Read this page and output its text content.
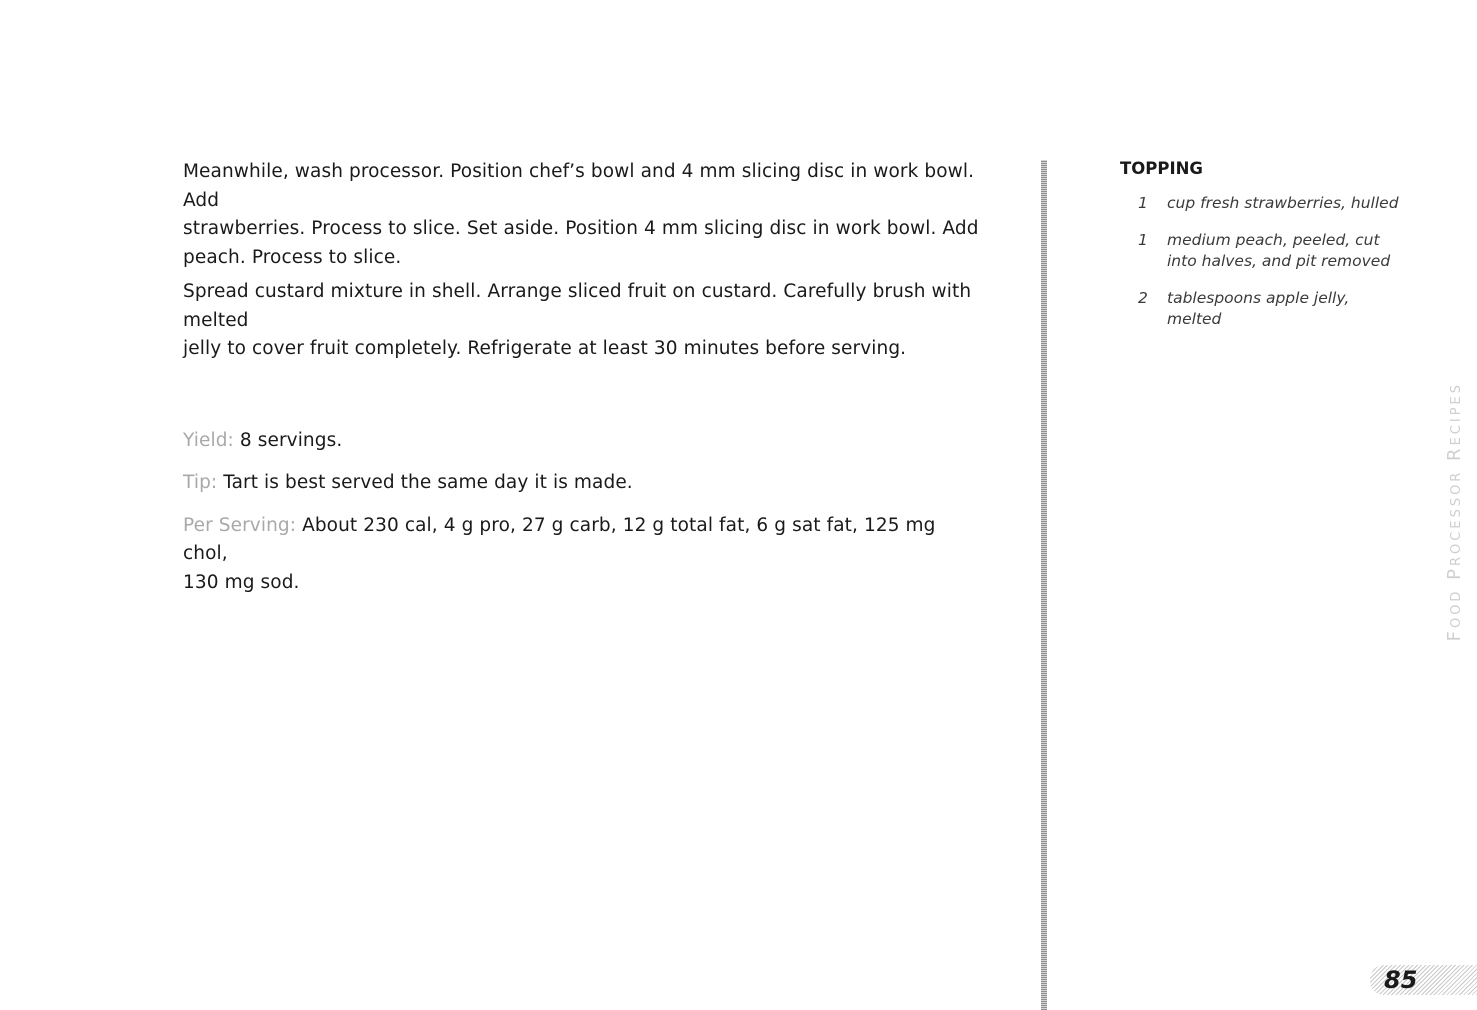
Meanwhile, wash processor. Position chef’s bowl and 4 mm slicing disc in work bowl. Add
strawberries. Process to slice. Set aside. Position 4 mm slicing disc in work bowl. Add
peach. Process to slice.

Spread custard mixture in shell. Arrange sliced fruit on custard. Carefully brush with melted
jelly to cover fruit completely. Refrigerate at least 30 minutes before serving.

Yield: 8 servings.

Tip: Tart is best served the same day it is made.

Per Serving: About 230 cal, 4 g pro, 27 g carb, 12 g total fat, 6 g sat fat, 125 mg chol,
130 mg sod.

TOPPING
1	cup fresh strawberries, hulled
1	medium peach, peeled, cut
into halves, and pit removed
2	tablespoons apple jelly,
melted
Food Processor Recipes
85
